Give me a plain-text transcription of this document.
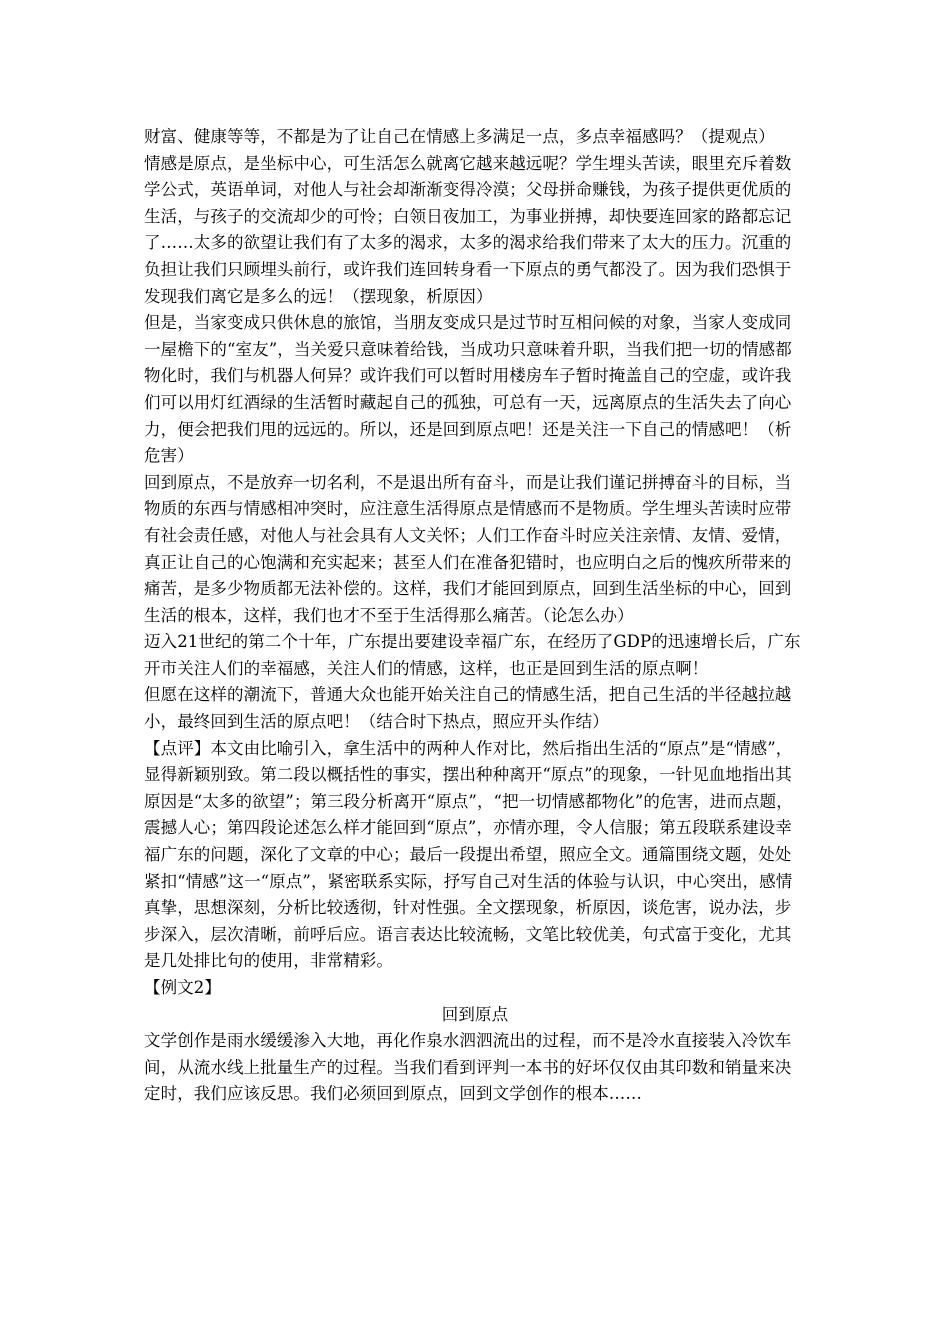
财富、健康等等，不都是为了让自己在情感上多满足一点，多点幸福感吗？（提观点）

情感是原点，是坐标中心，可生活怎么就离它越来越远呢？学生埋头苦读，眼里充斥着数学公式，英语单词，对他人与社会却渐渐变得冷漠；父母拼命赚钱，为孩子提供更优质的生活，与孩子的交流却少的可怜；白领日夜加工，为事业拼搏，却快要连回家的路都忘记了……太多的欲望让我们有了太多的渴求，太多的渴求给我们带来了太大的压力。沉重的负担让我们只顾埋头前行，或许我们连回转身看一下原点的勇气都没了。因为我们恐惧于发现我们离它是多么的远！（摆现象，析原因）

但是，当家变成只供休息的旅馆，当朋友变成只是过节时互相问候的对象，当家人变成同一屋檐下的“室友”，当关爱只意味着给钱，当成功只意味着升职，当我们把一切的情感都物化时，我们与机器人何异？或许我们可以暂时用楼房车子暂时掩盖自己的空虚，或许我们可以用灯红酒绿的生活暂时藏起自己的孤独，可总有一天，远离原点的生活失去了向心力，便会把我们甩的远远的。所以，还是回到原点吧！还是关注一下自己的情感吧！（析危害）

回到原点，不是放弃一切名利，不是退出所有奋斗，而是让我们谨记拼搏奋斗的目标，当物质的东西与情感相冲突时，应注意生活得原点是情感而不是物质。学生埋头苦读时应带有社会责任感，对他人与社会具有人文关怀；人们工作奋斗时应关注亲情、友情、爱情，真正让自己的心饱满和充实起来；甚至人们在准备犯错时，也应明白之后的愧疚所带来的痛苦，是多少物质都无法补偿的。这样，我们才能回到原点，回到生活坐标的中心，回到生活的根本，这样，我们也才不至于生活得那么痛苦。（论怎么办）

迈入21世纪的第二个十年，广东提出要建设幸福广东，在经历了GDP的迅速增长后，广东开市关注人们的幸福感，关注人们的情感，这样，也正是回到生活的原点啊！

但愿在这样的潮流下，普通大众也能开始关注自己的情感生活，把自己生活的半径越拉越小，最终回到生活的原点吧！（结合时下热点，照应开头作结）

【点评】本文由比喻引入，拿生活中的两种人作对比，然后指出生活的“原点”是“情感”，显得新颖别致。第二段以概括性的事实，摆出种种离开“原点”的现象，一针见血地指出其原因是“太多的欲望”；第三段分析离开“原点”，“把一切情感都物化”的危害，进而点题，震撼人心；第四段论述怎么样才能回到“原点”，亦情亦理，令人信服；第五段联系建设幸福广东的问题，深化了文章的中心；最后一段提出希望，照应全文。通篇围绕文题，处处紧扣“情感”这一“原点”，紧密联系实际，抒写自己对生活的体验与认识，中心突出，感情真挚，思想深刻，分析比较透彻，针对性强。全文摆现象，析原因，谈危害，说办法，步步深入，层次清晰，前呼后应。语言表达比较流畅，文笔比较优美，句式富于变化，尤其是几处排比句的使用，非常精彩。

【例文2】

回到原点

文学创作是雨水缓缓渗入大地，再化作泉水泗泗流出的过程，而不是冷水直接装入冷饮车间，从流水线上批量生产的过程。当我们看到评判一本书的好坏仅仅由其印数和销量来决定时，我们应该反思。我们必须回到原点，回到文学创作的根本……
